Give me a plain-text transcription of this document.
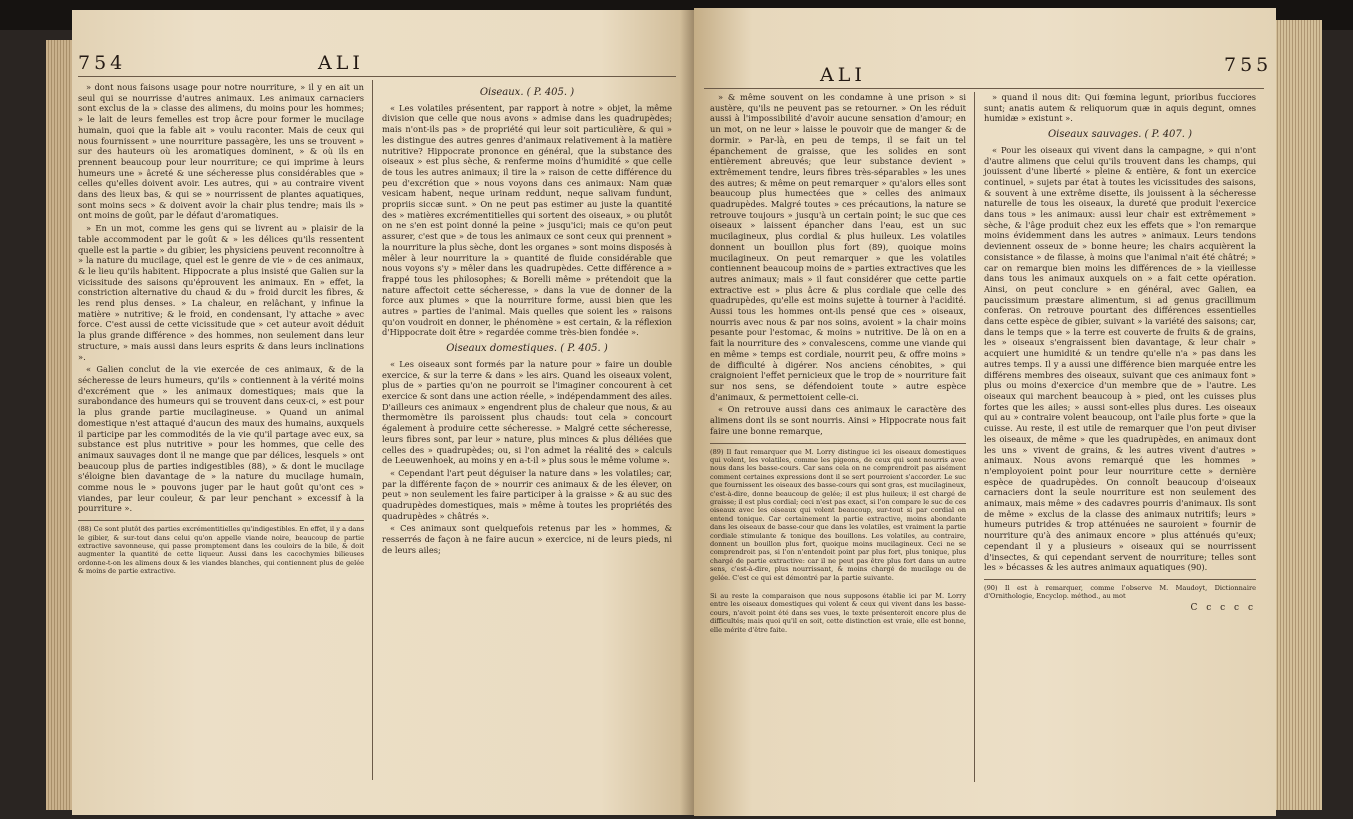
754	ALI

» dont nous faisons usage pour notre nourriture, » il y en ait un seul qui se nourrisse d'autres animaux. Les animaux carnaciers sont exclus de la » classe des alimens, du moins pour les hommes; » le lait de leurs femelles est trop âcre pour former le mucilage humain, quoi que la fable ait » voulu raconter. Mais de ceux qui nous fournissent » une nourriture passagère, les uns se trouvent » sur des hauteurs où les aromatiques dominent, » & où ils en prennent beaucoup pour leur nourriture; ce qui imprime à leurs humeurs une » âcreté & une sécheresse plus considérables que » celles qu'elles doivent avoir. Les autres, qui » au contraire vivent dans des lieux bas, & qui se » nourrissent de plantes aquatiques, sont moins secs » & doivent avoir la chair plus tendre; mais ils » ont moins de goût, par le défaut d'aromatiques.

» En un mot, comme les gens qui se livrent au » plaisir de la table accommodent par le goût & » les délices qu'ils ressentent quelle est la partie » du gibier, les physiciens peuvent reconnoître à » la nature du mucilage, quel est le genre de vie » de ces animaux, & le lieu qu'ils habitent. Hippocrate a plus insisté que Galien sur la vicissitude des saisons qu'éprouvent les animaux. En » effet, la constriction alternative du chaud & du » froid durcit les fibres, & les rend plus denses. » La chaleur, en relâchant, y infinue la matière » nutritive; & le froid, en condensant, l'y attache » avec force. C'est aussi de cette vicissitude que » cet auteur avoit déduit la plus grande différence » des hommes, non seulement dans leur structure, » mais aussi dans leurs esprits & dans leurs inclinations ».

« Galien conclut de la vie exercée de ces animaux, & de la sécheresse de leurs humeurs, qu'ils » contiennent à la vérité moins d'excrément que » les animaux domestiques; mais que la surabondance des humeurs qui se trouvent dans ceux-ci, » est pour la plus grande partie mucilagineuse. » Quand un animal domestique n'est attaqué d'aucun des maux des humains, auxquels il participe par les commodités de la vie qu'il partage avec eux, sa substance est plus nutritive » pour les hommes, que celle des animaux sauvages dont il ne mange que par délices, lesquels » ont beaucoup plus de parties indigestibles (88), » & dont le mucilage s'éloigne bien davantage de » la nature du mucilage humain, comme nous le » pouvons juger par le haut goût qu'ont ces » viandes, par leur couleur, & par leur penchant » excessif à la pourriture ».

(88) Ce sont plutôt des parties excrémentitielles qu'indigestibles. En effet, il y a dans le gibier, & sur-tout dans celui qu'on appelle viande noire, beaucoup de partie extractive savonneuse, qui passe promptement dans les couloirs de la bile, & doit augmenter la quantité de cette liqueur. Aussi dans les cacochymies bilieuses ordonne-t-on les alimens doux & les viandes blanches, qui contiennent plus de gelée & moins de partie extractive.
Oiseaux. ( P. 405. )

« Les volatiles présentent, par rapport à notre » objet, la même division que celle que nous avons » admise dans les quadrupèdes; mais n'ont-ils pas » de propriété qui leur soit particulière, & qui » les distingue des autres genres d'animaux relativement à la matière nutritive? Hippocrate prononce en général, que la substance des oiseaux » est plus sèche, & renferme moins d'humidité » que celle de tous les autres animaux; il tire la » raison de cette différence du peu d'excrétion que » nous voyons dans ces animaux: Nam quæ vesicam habent, neque urinam reddunt, neque salivam fundunt, propriis siccæ sunt. » On ne peut pas estimer au juste la quantité des » matières excrémentitielles qui sortent des oiseaux, » ou plutôt on ne s'en est point donné la peine » jusqu'ici; mais ce qu'on peut assurer, c'est que » de tous les animaux ce sont ceux qui prennent » la nourriture la plus sèche, dont les organes » sont moins disposés à mêler à leur nourriture la » quantité de fluide considérable que nous voyons s'y » mêler dans les quadrupèdes. Cette différence a » frappé tous les philosophes; & Borelli même » prétendoit que la nature affectoit cette sécheresse, » dans la vue de donner de la force aux plumes » que la nourriture forme, aussi bien que les autres » parties de l'animal. Mais quelles que soient les » raisons qu'on voudroit en donner, le phénomène » est certain, & la réflexion d'Hippocrate doit être » regardée comme très-bien fondée ».

Oiseaux domestiques. ( P. 405. )

« Les oiseaux sont formés par la nature pour » faire un double exercice, & sur la terre & dans » les airs. Quand les oiseaux volent, plus de » parties qu'on ne pourroit se l'imaginer concourent à cet exercice & sont dans une action réelle, » indépendamment des ailes. D'ailleurs ces animaux » engendrent plus de chaleur que nous, & au thermomètre ils paroissent plus chauds: tout cela » concourt également à produire cette sécheresse. » Malgré cette sécheresse, leurs fibres sont, par leur » nature, plus minces & plus déliées que celles des » quadrupèdes; ou, si l'on admet la réalité des » calculs de Leeuwenhoek, au moins y en a-t-il » plus sous le même volume ».

« Cependant l'art peut déguiser la nature dans » les volatiles; car, par la différente façon de » nourrir ces animaux & de les élever, on peut » non seulement les faire participer à la graisse » & au suc des quadrupèdes domestiques, mais » même à toutes les propriétés des quadrupèdes » châtrés ».

« Ces animaux sont quelquefois retenus par les » hommes, & resserrés de façon à ne faire aucun » exercice, ni de leurs pieds, ni de leurs ailes;

ALI	755

» & même souvent on les condamne à une prison » si austère, qu'ils ne peuvent pas se retourner. » On les réduit aussi à l'impossibilité d'avoir aucune sensation d'amour; en un mot, on ne leur » laisse le pouvoir que de manger & de dormir. » Par-là, en peu de temps, il se fait un tel épanchement de graisse, que les solides en sont entièrement abreuvés; que leur substance devient » extrêmement tendre, leurs fibres très-séparables » les unes des autres; & même on peut remarquer » qu'alors elles sont beaucoup plus humectées que » celles des animaux quadrupèdes. Malgré toutes » ces précautions, la nature se retrouve toujours » jusqu'à un certain point; le suc que ces oiseaux » laissent épancher dans l'eau, est un suc mucilagineux, plus cordial & plus huileux. Les volatiles donnent un bouillon plus fort (89), quoique moins mucilagineux. On peut remarquer » que les volatiles contiennent beaucoup moins de » parties extractives que les autres animaux; mais » il faut considérer que cette partie extractive est » plus âcre & plus cordiale que celle des quadrupèdes, qu'elle est moins sujette à tourner à l'acidité. Aussi tous les hommes ont-ils pensé que ces » oiseaux, nourris avec nous & par nos soins, avoient » la chair moins pesante pour l'estomac, & moins » nutritive. De là on en a fait la nourriture des » convalescens, comme une viande qui en même » temps est cordiale, nourrit peu, & offre moins » de difficulté à digérer. Nos anciens cénobites, » qui craignoient l'effet pernicieux que le trop de » nourriture fait sur nos sens, se défendoient toute » autre espèce d'animaux, & permettoient celle-ci.

« On retrouve aussi dans ces animaux le caractère des alimens dont ils se sont nourris. Ainsi » Hippocrate nous fait faire une bonne remarque,

(89) Il faut remarquer que M. Lorry distingue ici les oiseaux domestiques qui volent, les volatiles, comme les pigeons, de ceux qui sont nourris avec nous dans les basse-cours. Car sans cela on ne comprendroit pas aisément comment certaines expressions dont il se sert pourroient s'accorder. Le suc que fournissent les oiseaux des basse-cours qui sont gras, est mucilagineux, c'est-à-dire, donne beaucoup de gelée; il est plus huileux; il est chargé de graisse; il est plus cordial; ceci n'est pas exact, si l'on compare le suc de ces oiseaux avec les oiseaux qui volent beaucoup, sur-tout si par cordial on entend tonique. Car certainement la partie extractive, moins abondante dans les oiseaux de basse-cour que dans les volatiles, est vraiment la partie cordiale stimulante & tonique des bouillons. Les volatiles, au contraire, donnent un bouillon plus fort, quoique moins mucilagineux. Ceci ne se comprendroit pas, si l'on n'entendoit point par plus fort, plus tonique, plus chargé de partie extractive: car il ne peut pas être plus fort dans un autre sens, c'est-à-dire, plus nourrissant, & moins chargé de mucilage ou de gelée. C'est ce qui est démontré par la partie suivante.
Si au reste la comparaison que nous supposons établie ici par M. Lorry entre les oiseaux domestiques qui volent & ceux qui vivent dans les basse-cours, n'avoit point été dans ses vues, le texte présenteroit encore plus de difficultés; mais quoi qu'il en soit, cette distinction est vraie, elle est bonne, elle mérite d'être faite.

» quand il nous dit: Qui fœmina legunt, prioribus fucciores sunt; anatis autem & reliquorum quæ in aquis degunt, omnes humidæ » existunt ».

Oiseaux sauvages. ( P. 407. )

« Pour les oiseaux qui vivent dans la campagne, » qui n'ont d'autre alimens que celui qu'ils trouvent dans les champs, qui jouissent d'une liberté » pleine & entière, & font un exercice continuel, » sujets par état à toutes les vicissitudes des saisons, & souvent à une extrême disette, ils jouissent à la sécheresse naturelle de tous les oiseaux, la dureté que produit l'exercice dans tous » les animaux: aussi leur chair est extrêmement » sèche, & l'âge produit chez eux les effets que » l'on remarque moins évidemment dans les autres » animaux. Leurs tendons deviennent osseux de » bonne heure; les chairs acquièrent la consistance » de filasse, à moins que l'animal n'ait été châtré; » car on remarque bien moins les différences de » la vieillesse dans tous les animaux auxquels on » a fait cette opération. Ainsi, on peut conclure » en général, avec Galien, ea paucissimum præstare alimentum, si ad genus gracillimum conferas. On retrouve pourtant des différences essentielles dans cette espèce de gibier, suivant » la variété des saisons; car, dans le temps que » la terre est couverte de fruits & de grains, les » oiseaux s'engraissent bien davantage, & leur chair » acquiert une humidité & un tendre qu'elle n'a » pas dans les autres temps. Il y a aussi une différence bien marquée entre les différens membres des oiseaux, suivant que ces animaux font » plus ou moins d'exercice d'un membre que de » l'autre. Les oiseaux qui marchent beaucoup à » pied, ont les cuisses plus fortes que les ailes; » aussi sont-elles plus dures. Les oiseaux qui au » contraire volent beaucoup, ont l'aile plus forte » que la cuisse. Au reste, il est utile de remarquer que l'on peut diviser les oiseaux, de même » que les quadrupèdes, en animaux dont les uns » vivent de grains, & les autres vivent d'autres » animaux. Nous avons remarqué que les hommes » n'employoient point pour leur nourriture cette » dernière espèce de quadrupèdes. On connoît beaucoup d'oiseaux carnaciers dont la seule nourriture est non seulement des animaux, mais même » des cadavres pourris d'animaux. Ils sont de même » exclus de la classe des animaux nutritifs; leurs » humeurs putrides & trop atténuées ne sauroient » fournir de nourriture qu'à des animaux encore » plus atténués qu'eux; cependant il y a plusieurs » oiseaux qui se nourrissent d'insectes, & qui cependant servent de nourriture; telles sont les » bécasses & les autres animaux aquatiques (90).

(90) Il est à remarquer, comme l'observe M. Maudoyt, Dictionnaire d'Ornithologie, Encyclop. méthod., au mot
C c c c c
